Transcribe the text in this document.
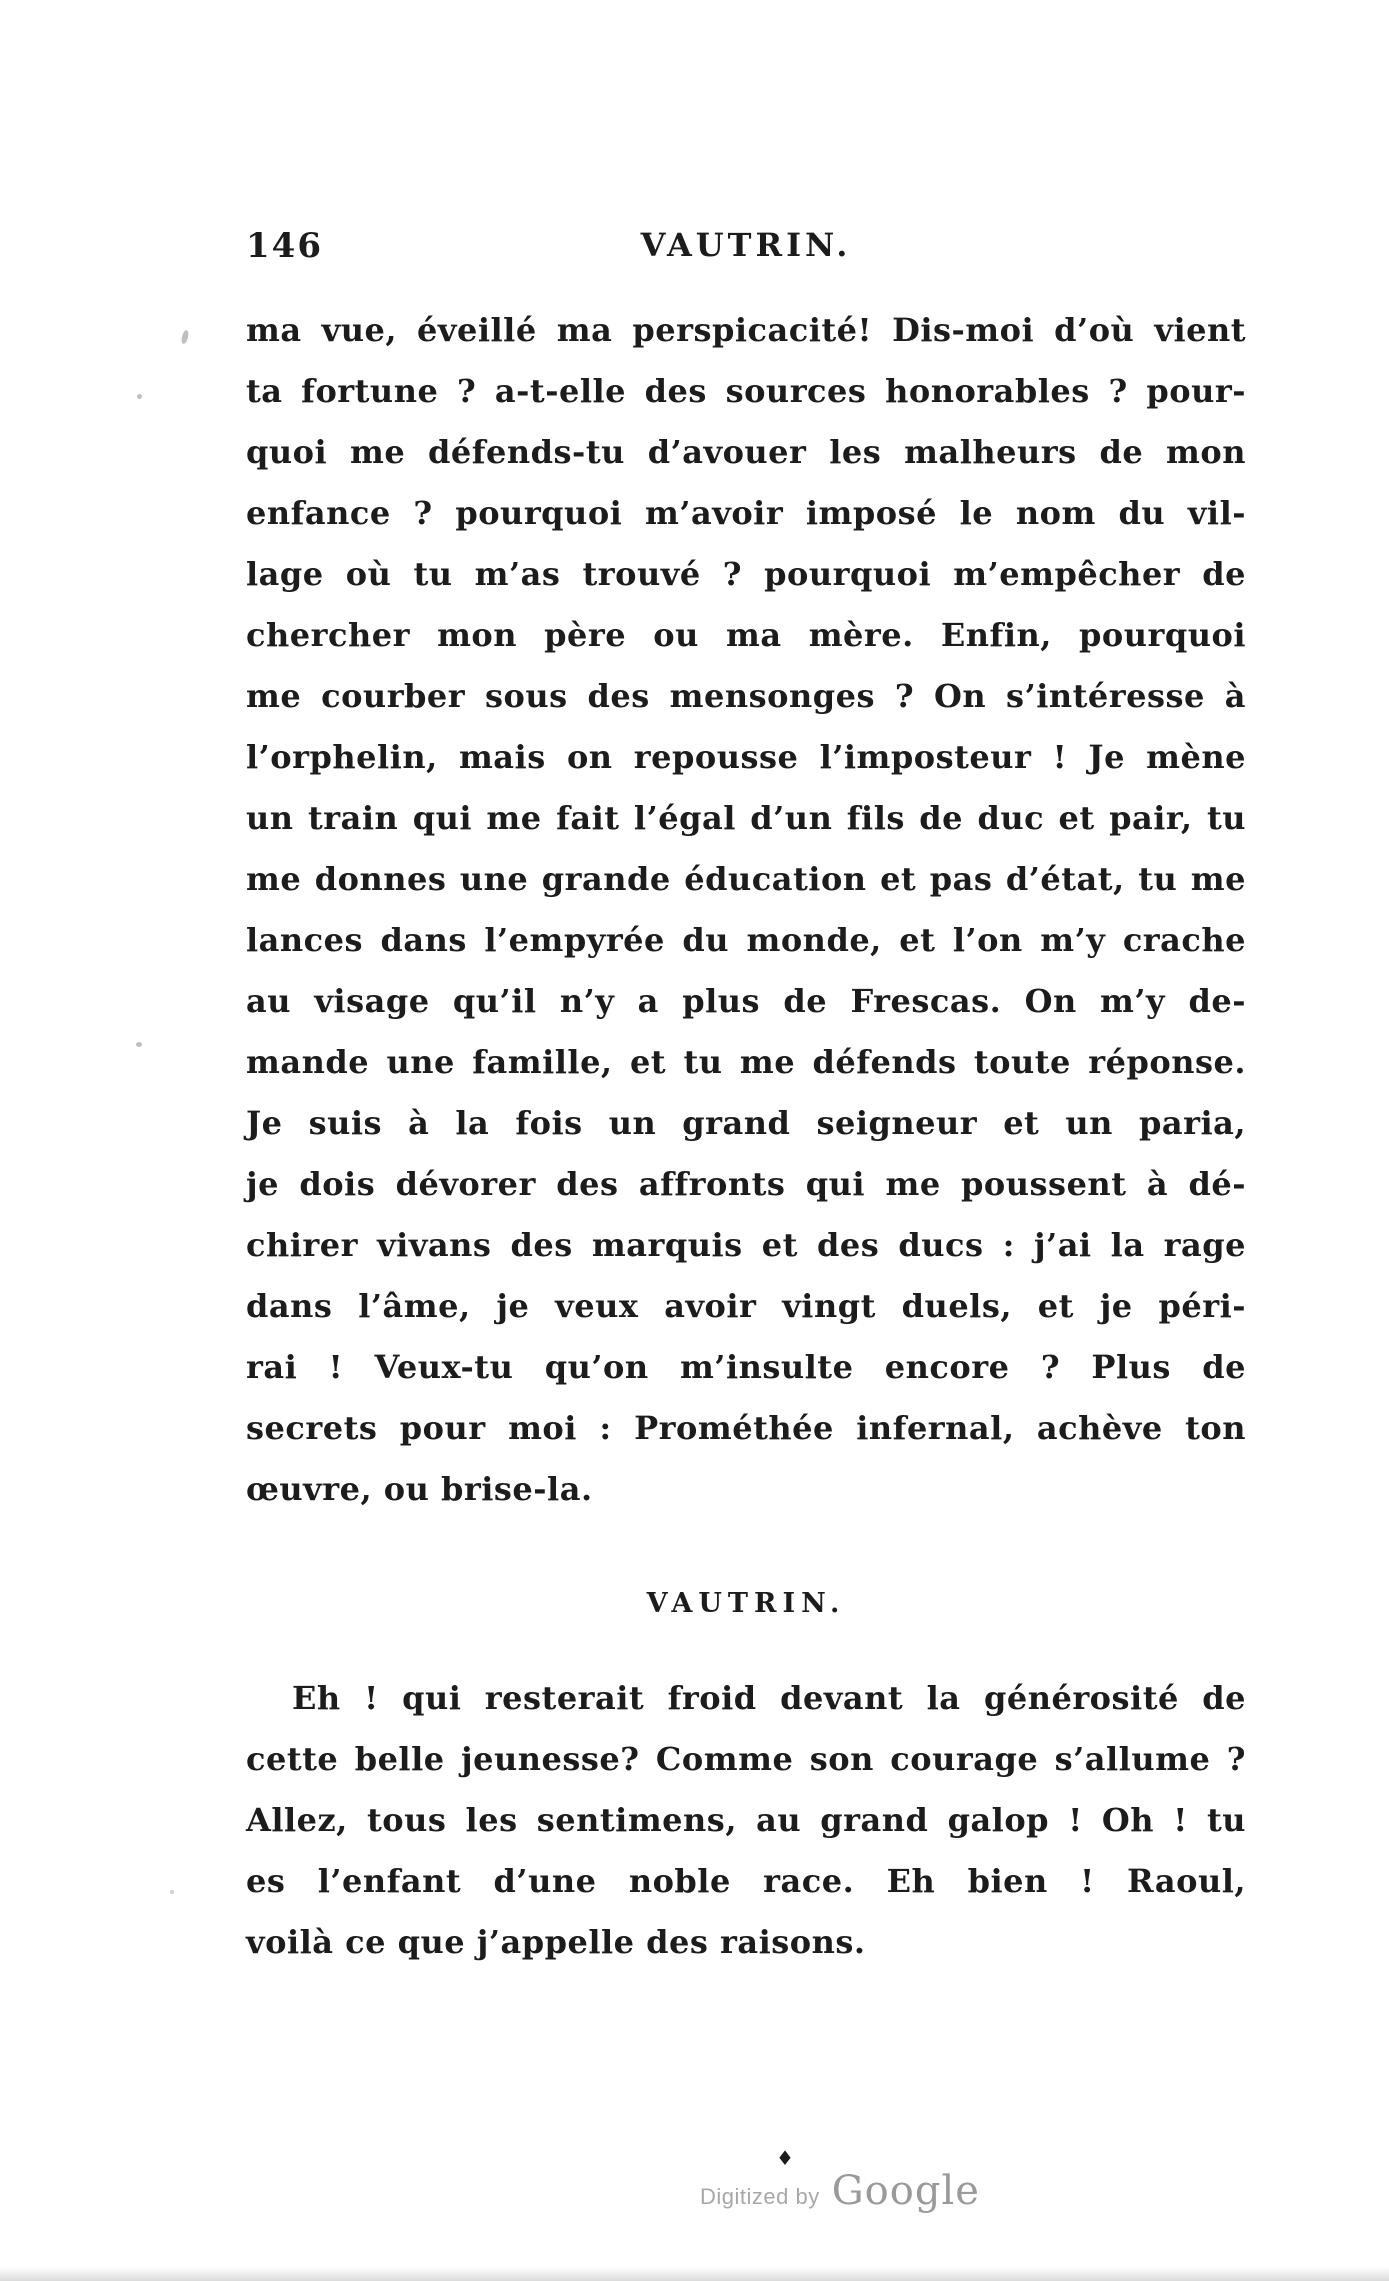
146	VAUTRIN.
ma vue, éveillé ma perspicacité! Dis-moi d’où vient
ta fortune ? a-t-elle des sources honorables ? pour-
quoi me défends-tu d’avouer les malheurs de mon
enfance ? pourquoi m’avoir imposé le nom du vil-
lage où tu m’as trouvé ? pourquoi m’empêcher de
chercher mon père ou ma mère. Enfin, pourquoi
me courber sous des mensonges ? On s’intéresse à
l’orphelin, mais on repousse l’imposteur ! Je mène
un train qui me fait l’égal d’un fils de duc et pair, tu
me donnes une grande éducation et pas d’état, tu me
lances dans l’empyrée du monde, et l’on m’y crache
au visage qu’il n’y a plus de Frescas. On m’y de-
mande une famille, et tu me défends toute réponse.
Je suis à la fois un grand seigneur et un paria,
je dois dévorer des affronts qui me poussent à dé-
chirer vivans des marquis et des ducs : j’ai la rage
dans l’âme, je veux avoir vingt duels, et je péri-
rai ! Veux-tu qu’on m’insulte encore ? Plus de
secrets pour moi : Prométhée infernal, achève ton
œuvre, ou brise-la.
VAUTRIN.
Eh ! qui resterait froid devant la générosité de
cette belle jeunesse? Comme son courage s’allume ?
Allez, tous les sentimens, au grand galop ! Oh ! tu
es l’enfant d’une noble race. Eh bien ! Raoul,
voilà ce que j’appelle des raisons.
♦
Digitized by Google
